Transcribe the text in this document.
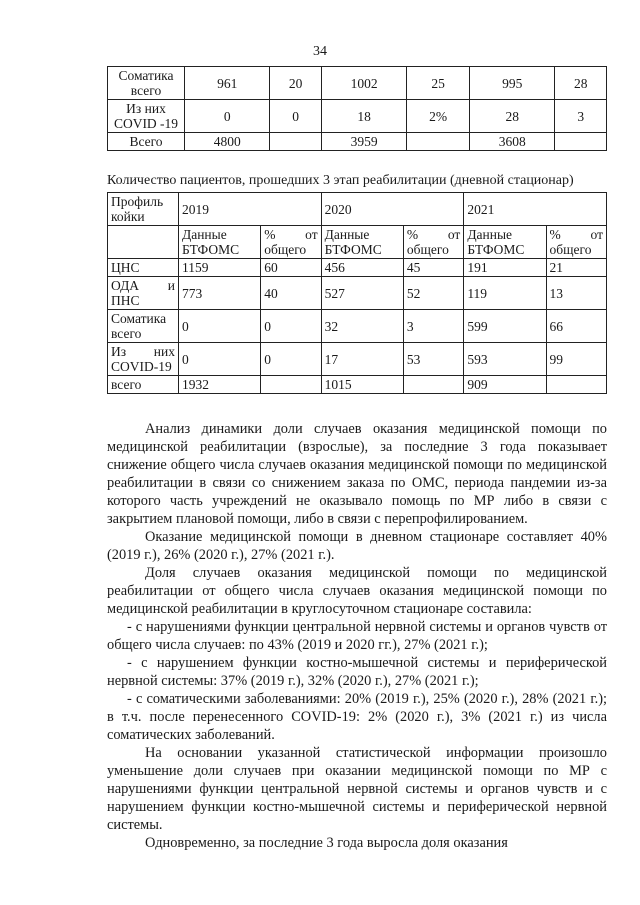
34
Соматика всего	961	20	1002	25	995	28
Из них COVID -19	0	0	18	2%	28	3
Всего	4800		3959		3608	
Количество пациентов, прошедших 3 этап реабилитации (дневной стационар)
Профиль койки	2019		2020		2021	
	Данные БТФОМС	% от общего	Данные БТФОМС	% от общего	Данные БТФОМС	% от общего
ЦНС	1159	60	456	45	191	21
ОДА и ПНС	773	40	527	52	119	13
Соматика всего	0	0	32	3	599	66
Из них COVID-19	0	0	17	53	593	99
всего	1932		1015		909	

Анализ динамики доли случаев оказания медицинской помощи по медицинской реабилитации (взрослые), за последние 3 года показывает снижение общего числа случаев оказания медицинской помощи по медицинской реабилитации в связи со снижением заказа по ОМС, периода пандемии из-за которого часть учреждений не оказывало помощь по МР либо в связи с закрытием плановой помощи, либо в связи с перепрофилированием.

Оказание медицинской помощи в дневном стационаре составляет 40% (2019 г.), 26% (2020 г.), 27% (2021 г.).

Доля случаев оказания медицинской помощи по медицинской реабилитации от общего числа случаев оказания медицинской помощи по медицинской реабилитации в круглосуточном стационаре составила:

- с нарушениями функции центральной нервной системы и органов чувств от общего числа случаев: по 43% (2019 и 2020 гг.), 27% (2021 г.);

- с нарушением функции костно-мышечной системы и периферической нервной системы: 37% (2019 г.), 32% (2020 г.), 27% (2021 г.);

- с соматическими заболеваниями: 20% (2019 г.), 25% (2020 г.), 28% (2021 г.); в т.ч. после перенесенного COVID-19: 2% (2020 г.), 3% (2021 г.) из числа соматических заболеваний.

На основании указанной статистической информации произошло уменьшение доли случаев при оказании медицинской помощи по МР с нарушениями функции центральной нервной системы и органов чувств и с нарушением функции костно-мышечной системы и периферической нервной системы.

Одновременно, за последние 3 года выросла доля оказания
